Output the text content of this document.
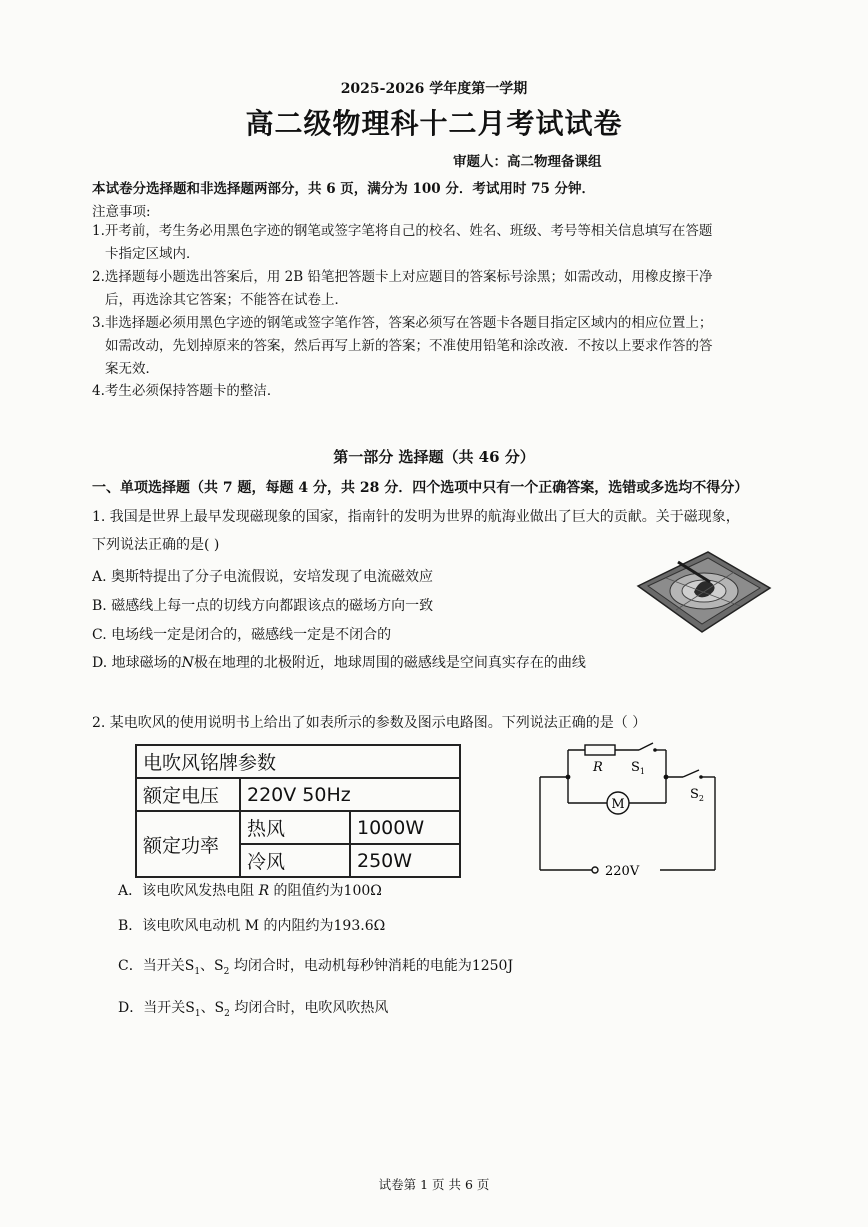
2025-2026 学年度第一学期
高二级物理科十二月考试试卷
审题人：高二物理备课组
本试卷分选择题和非选择题两部分，共 6 页，满分为 100 分．考试用时 75 分钟．
注意事项:
1.开考前，考生务必用黑色字迹的钢笔或签字笔将自己的校名、姓名、班级、考号等相关信息填写在答题
卡指定区域内．
2.选择题每小题选出答案后，用 2B 铅笔把答题卡上对应题目的答案标号涂黑；如需改动，用橡皮擦干净
后，再选涂其它答案；不能答在试卷上．
3.非选择题必须用黑色字迹的钢笔或签字笔作答，答案必须写在答题卡各题目指定区域内的相应位置上；
如需改动，先划掉原来的答案，然后再写上新的答案；不准使用铅笔和涂改液．不按以上要求作答的答
案无效．
4.考生必须保持答题卡的整洁．
第一部分 选择题（共 46 分）
一、单项选择题（共 7 题，每题 4 分，共 28 分．四个选项中只有一个正确答案，选错或多选均不得分）
1. 我国是世界上最早发现磁现象的国家，指南针的发明为世界的航海业做出了巨大的贡献。关于磁现象，
下列说法正确的是( )
A. 奥斯特提出了分子电流假说，安培发现了电流磁效应
B. 磁感线上每一点的切线方向都跟该点的磁场方向一致
C. 电场线一定是闭合的，磁感线一定是不闭合的
D. 地球磁场的N极在地理的北极附近，地球周围的磁感线是空间真实存在的曲线
2. 某电吹风的使用说明书上给出了如表所示的参数及图示电路图。下列说法正确的是（ ）
电吹风铭牌参数		
额定电压	220V 50Hz	
额定功率	热风	1000W
	冷风	250W
R $S_1$
$S_2$
M
220V
A．该电吹风发热电阻 R 的阻值约为100Ω
B．该电吹风电动机 M 的内阻约为193.6Ω
C．当开关$S_1$、$S_2$ 均闭合时，电动机每秒钟消耗的电能为1250J
D．当开关$S_1$、$S_2$ 均闭合时，电吹风吹热风
试卷第 1 页 共 6 页
